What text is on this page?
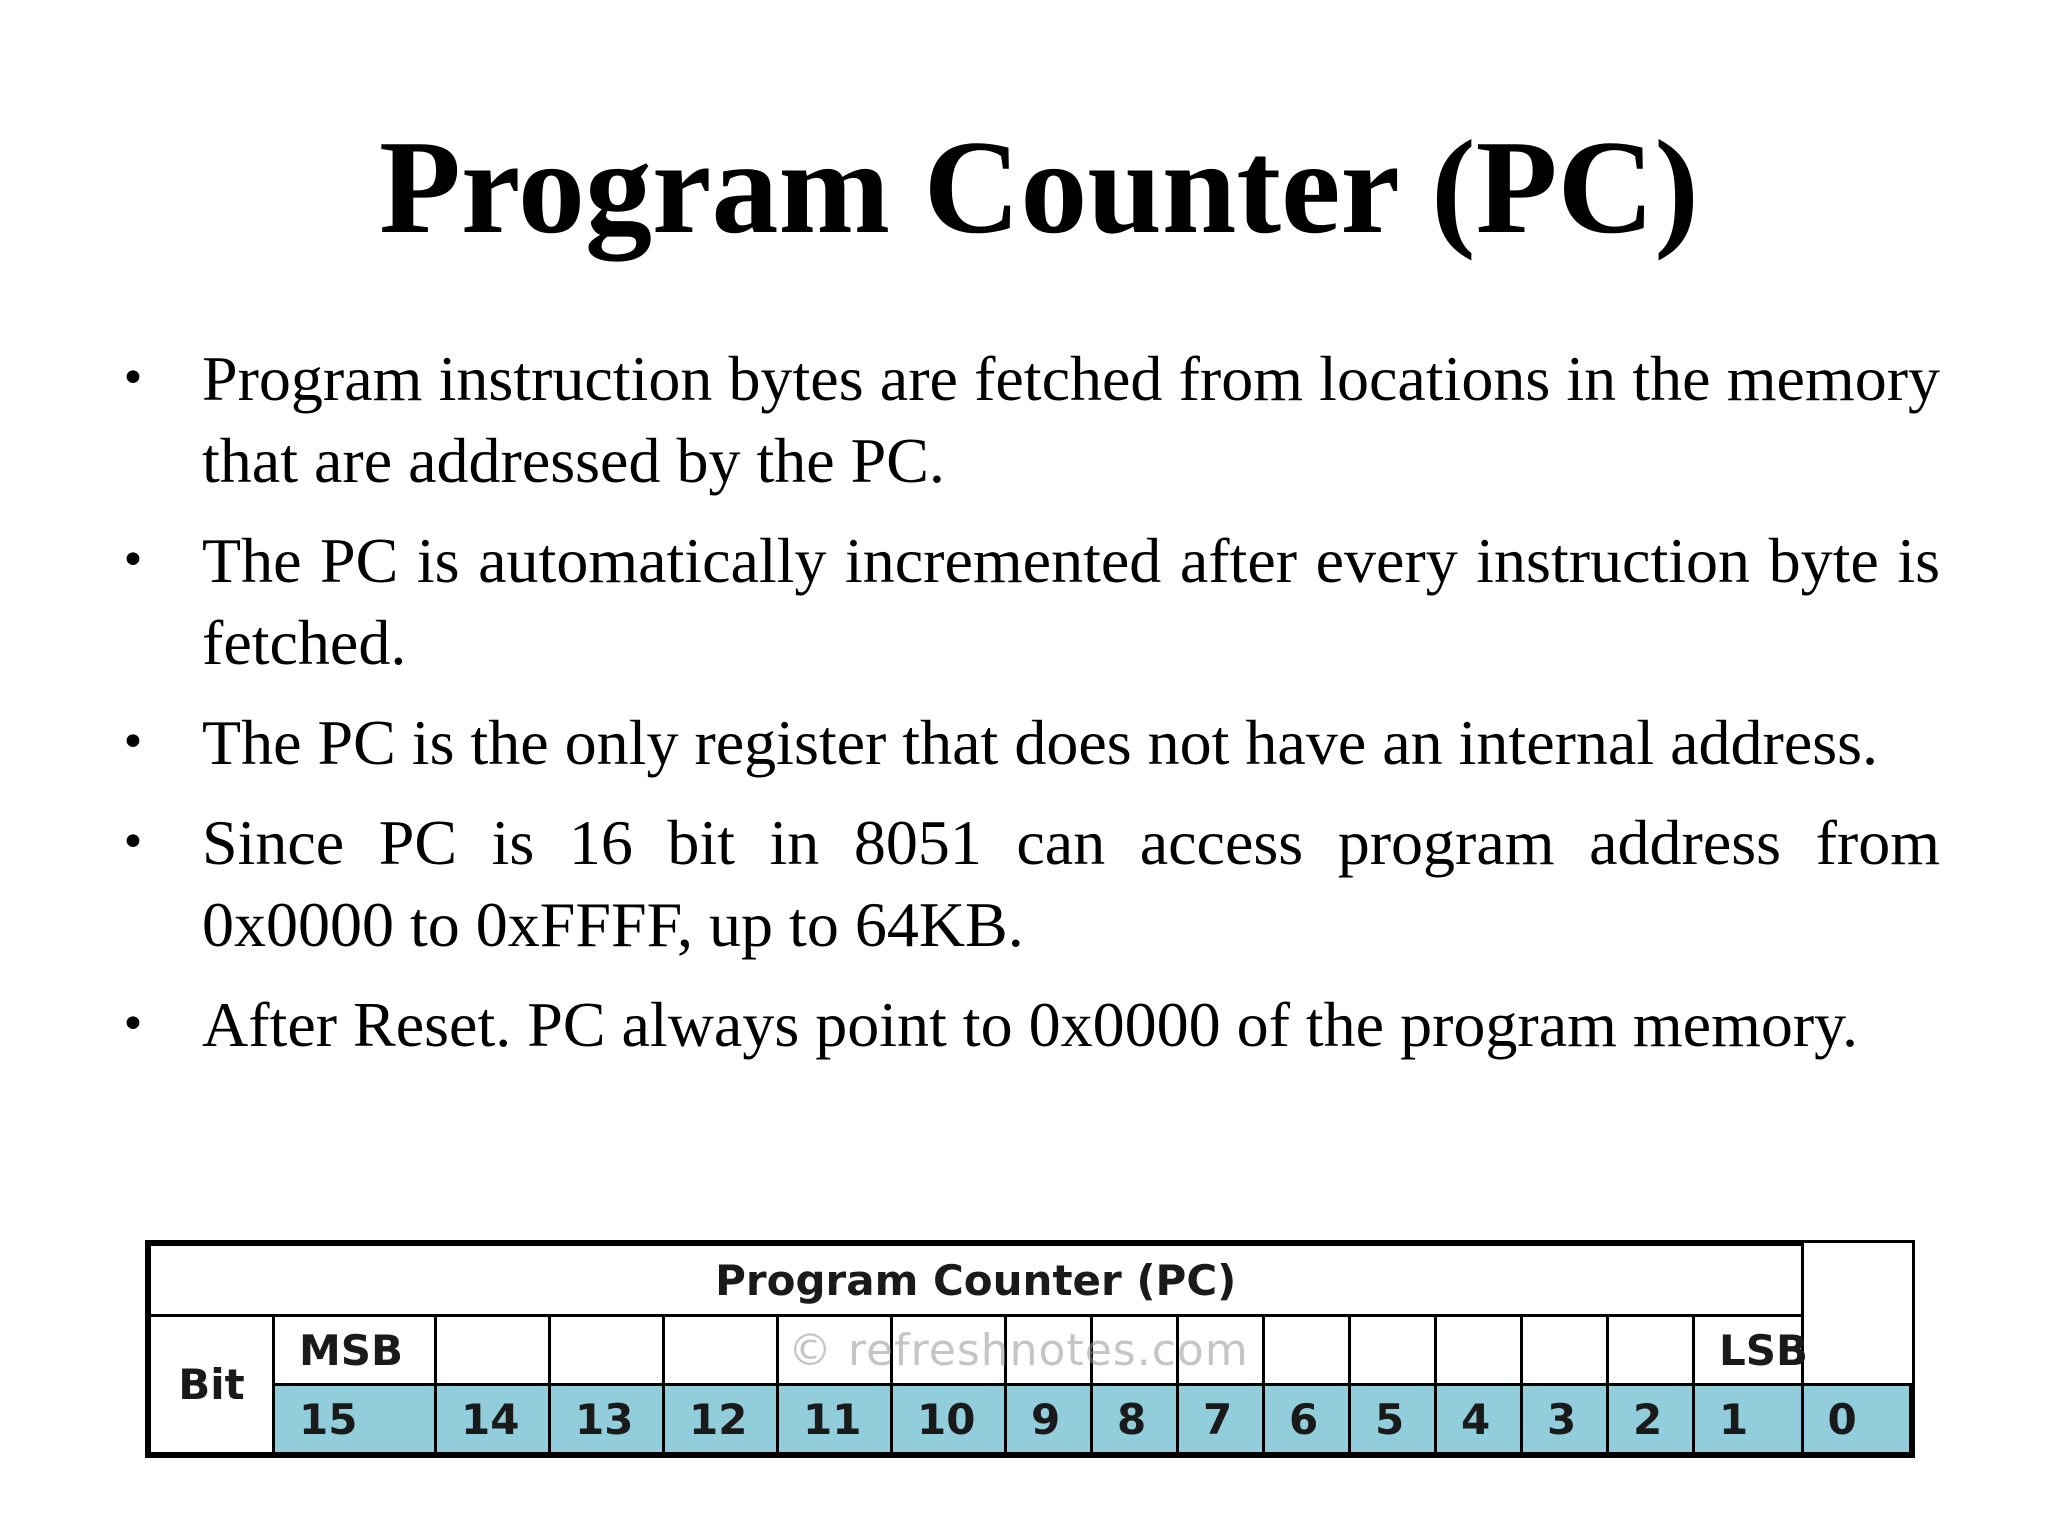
Program Counter (PC)
• Program instruction bytes are fetched from locations in the memory that are addressed by the PC.
• The PC is automatically incremented after every instruction byte is fetched.
• The PC is the only register that does not have an internal address.
• Since PC is 16 bit in 8051 can access program address from 0x0000 to 0xFFFF, up to 64KB.
• After Reset. PC always point to 0x0000 of the program memory.
Program Counter (PC)																
Bit	MSB														LSB	
	15	14	13	12	11	10	9	8	7	6	5	4	3	2	1	0
© refreshnotes.com
